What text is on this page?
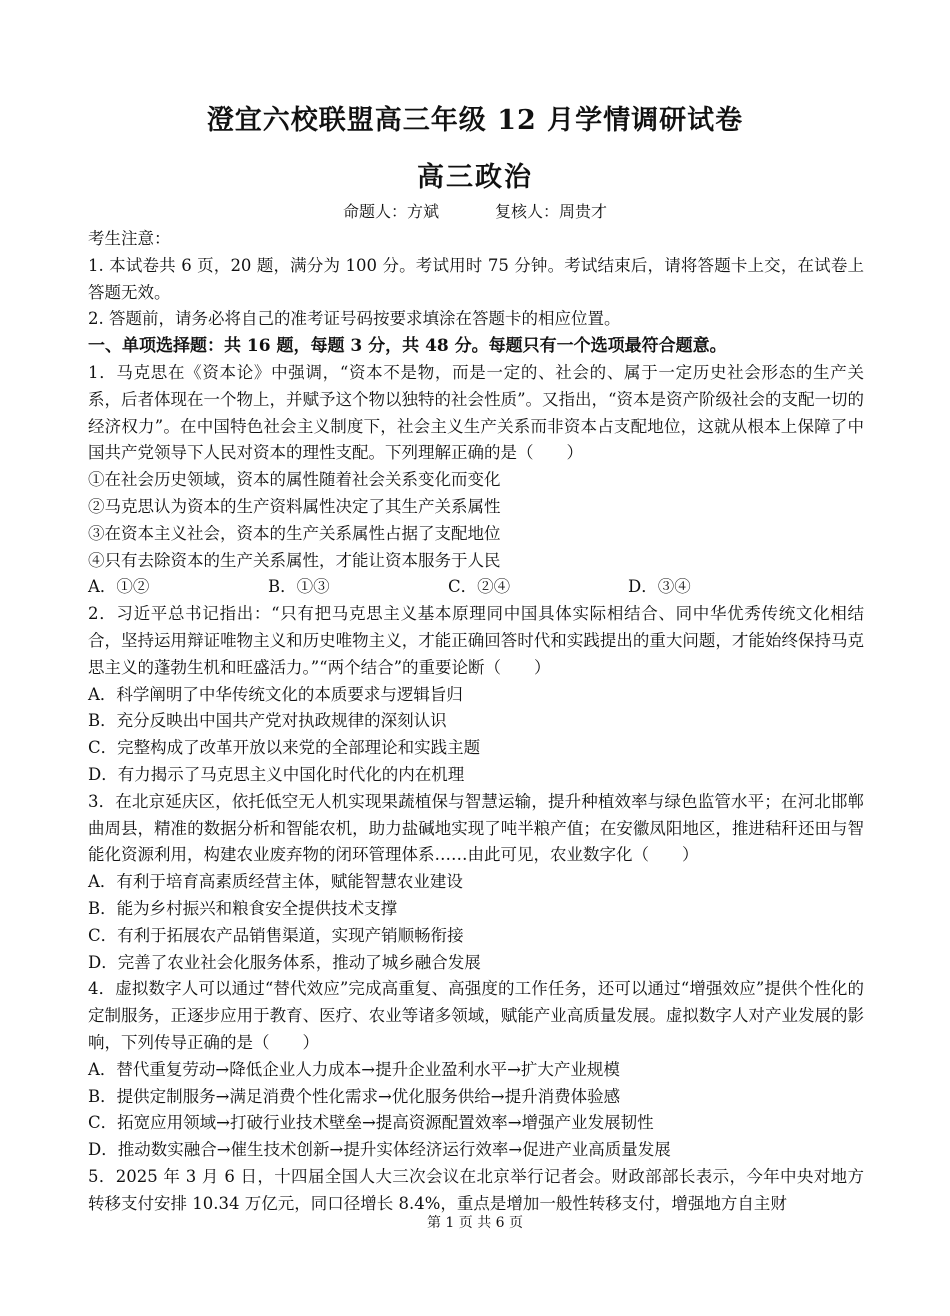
澄宜六校联盟高三年级 12 月学情调研试卷
高三政治
命题人：方斌	复核人：周贵才

考生注意：

1. 本试卷共 6 页，20 题，满分为 100 分。考试用时 75 分钟。考试结束后，请将答题卡上交，在试卷上答题无效。

2. 答题前，请务必将自己的准考证号码按要求填涂在答题卡的相应位置。

一、单项选择题：共 16 题，每题 3 分，共 48 分。每题只有一个选项最符合题意。

1．马克思在《资本论》中强调，“资本不是物，而是一定的、社会的、属于一定历史社会形态的生产关系，后者体现在一个物上，并赋予这个物以独特的社会性质”。又指出，“资本是资产阶级社会的支配一切的经济权力”。在中国特色社会主义制度下，社会主义生产关系而非资本占支配地位，这就从根本上保障了中国共产党领导下人民对资本的理性支配。下列理解正确的是（　　）

①在社会历史领域，资本的属性随着社会关系变化而变化

②马克思认为资本的生产资料属性决定了其生产关系属性

③在资本主义社会，资本的生产关系属性占据了支配地位

④只有去除资本的生产关系属性，才能让资本服务于人民

A．①②	B．①③	C．②④	D．③④

2．习近平总书记指出：“只有把马克思主义基本原理同中国具体实际相结合、同中华优秀传统文化相结合，坚持运用辩证唯物主义和历史唯物主义，才能正确回答时代和实践提出的重大问题，才能始终保持马克思主义的蓬勃生机和旺盛活力。”“两个结合”的重要论断（　　）

A．科学阐明了中华传统文化的本质要求与逻辑旨归

B．充分反映出中国共产党对执政规律的深刻认识

C．完整构成了改革开放以来党的全部理论和实践主题

D．有力揭示了马克思主义中国化时代化的内在机理

3．在北京延庆区，依托低空无人机实现果蔬植保与智慧运输，提升种植效率与绿色监管水平；在河北邯郸曲周县，精准的数据分析和智能农机，助力盐碱地实现了吨半粮产值；在安徽凤阳地区，推进秸秆还田与智能化资源利用，构建农业废弃物的闭环管理体系……由此可见，农业数字化（　　）

A．有利于培育高素质经营主体，赋能智慧农业建设

B．能为乡村振兴和粮食安全提供技术支撑

C．有利于拓展农产品销售渠道，实现产销顺畅衔接

D．完善了农业社会化服务体系，推动了城乡融合发展

4．虚拟数字人可以通过“替代效应”完成高重复、高强度的工作任务，还可以通过“增强效应”提供个性化的定制服务，正逐步应用于教育、医疗、农业等诸多领域，赋能产业高质量发展。虚拟数字人对产业发展的影响，下列传导正确的是（　　）

A．替代重复劳动→降低企业人力成本→提升企业盈利水平→扩大产业规模

B．提供定制服务→满足消费个性化需求→优化服务供给→提升消费体验感

C．拓宽应用领域→打破行业技术壁垒→提高资源配置效率→增强产业发展韧性

D．推动数实融合→催生技术创新→提升实体经济运行效率→促进产业高质量发展

5．2025 年 3 月 6 日，十四届全国人大三次会议在北京举行记者会。财政部部长表示，今年中央对地方转移支付安排 10.34 万亿元，同口径增长 8.4%，重点是增加一般性转移支付，增强地方自主财

第 1 页 共 6 页
